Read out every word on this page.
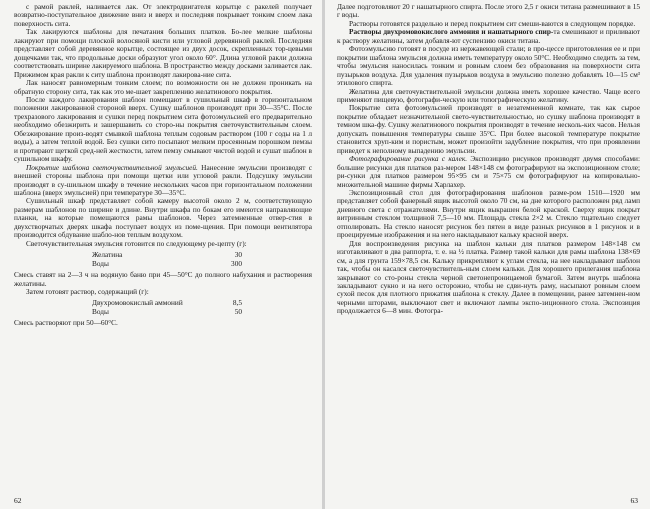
с рамой раклей, наливается лак. От электродвигателя корытце с ракелей получает возвратно-поступательное движение вниз и вверх и последняя покрывает тонким слоем лака поверхность сита.

Так лакируются шаблоны для печатания больших платков. Бо-лее мелкие шаблоны лакируют при помощи плоской волосяной кисти или угловой деревянной раклей. Последняя представляет собой деревянное корытце, состоящее из двух досок, скрепленных тор-цевыми дощечками так, что продольные доски образуют угол около 60°. Длина угловой ракли должна соответствовать ширине лакируемого шаблона. В пространство между досками заливается лак. Прижимом края ракли к ситу шаблона производят лакирова-ние сита.

Лак наносят равномерным тонким слоем; по возможности он не должен проникать на обратную сторону сита, так как это ме-шает закреплению желатинового покрытия.

После каждого лакирования шаблон помещают в сушильный шкаф в горизонтальном положении лакированной стороной вверх. Сушку шаблонов производят при 30—35°С. После трехразового лакирования и сушки перед покрытием сита фотоэмульсией его предварительно необходимо обезжирить и зашершавить со сторо-ны покрытия светочувствительным слоем. Обезжирование произ-водят смывкой шаблона теплым содовым раствором (100 г соды на 1 л воды), а затем теплой водой. Без сушки сито посыпают мелким просеянным порошком пемзы и протирают щеткой сред-ней жесткости, затем пемзу смывают чистой водой и сушат шаблон в сушильном шкафу.

Покрытие шаблона светочувствительной эмульсией. Нанесение эмульсии производят с внешней стороны шаблона при помощи щетки или угловой ракли. Подсушку эмульсии производят в су-шильном шкафу в течение нескольких часов при горизонтальном положении шаблона (вверх эмульсией) при температуре 30—35°С.

Сушильный шкаф представляет собой камеру высотой около 2 м, соответствующую размерам шаблонов по ширине и длине. Внутри шкафа по бокам его имеются направляющие планки, на которые помещаются рамы шаблонов. Через затемненные отвер-стия в двухстворчатых дверях шкафа поступает воздух из поме-щения. При помощи вентилятора производится обдувание шабло-нов теплым воздухом.

Светочувствительная эмульсия готовится по следующему ре-цепту (г):

Желатина	30
Воды	300

Смесь ставят на 2—3 ч на водяную баню при 45—50°С до полного набухания и растворения желатины.

Затем готовят раствор, содержащий (г):

Двухромовокислый аммоний	8,5
Воды	50

Смесь растворяют при 50—60°С.

62

Далее подготовляют 20 г нашатырного спирта. После этого 2,5 г окиси титана размешивают в 15 г воды.

Растворы готовятся раздельно и перед покрытием сит смеши-ваются в следующем порядке.

Растворы двухромовокислого аммония и нашатырного спир-та смешивают и приливают к раствору желатины, затем добавля-ют суспензию окиси титана.

Фотоэмульсию готовят в посуде из нержавеющей стали; в про-цессе приготовления ее и при покрытии шаблона эмульсия должна иметь температуру около 50°С. Необходимо следить за тем, чтобы эмульсия наносилась тонким и ровным слоем без образования на поверхности сита пузырьков воздуха. Для удаления пузырьков воздуха в эмульсию полезно добавлять 10—15 см³ этилового спирта.

Желатина для светочувствительной эмульсии должна иметь хорошее качество. Чаще всего применяют пищевую, фотографи-ческую или топографическую желатину.

Покрытие сита фотоэмульсией производят в незатемненной комнате, так как сырое покрытие обладает незначительной свето-чувствительностью, но сушку шаблона производят в темном шка-фу. Сушку желатинового покрытия производят в течение несколь-ких часов. Нельзя допускать повышения температуры свыше 35°С. При более высокой температуре покрытие становится хруп-ким и пористым, может произойти задубление покрытия, что при проявлении приведет к неполному выпадению эмульсии.

Фотографирование рисунка с калек. Экспозицию рисунков производят двумя способами: большие рисунки для платков раз-мером 148×148 см фотографируют на экспозиционном столе; ри-сунки для платков размером 95×95 см и 75×75 см фотографируют на копировально-множительной машине фирмы Харлахер.

Экспозиционный стол для фотографирования шаблонов разме-ром 1510—1920 мм представляет собой фанерный ящик высотой около 70 см, на дне которого расположен ряд ламп дневного света с отражателями. Внутри ящик выкрашен белой краской. Сверху ящик покрыт витринным стеклом толщиной 7,5—10 мм. Площадь стекла 2×2 м. Стекло тщательно следует отполировать. На стекло наносят рисунок без пятен в виде разных рисунков в 1 рисунок и в проецируемые изображения и на него накладывают кальку красной вверх.

Для воспроизведения рисунка на шаблон кальки для платков размером 148×148 см изготавливают в два раппорта, т. е. на ½ платка. Размер такой кальки для рамы шаблона 138×69 см, а для грунта 159×78,5 см. Кальку прикрепляют к углам стекла, на нее накладывают шаблон так, чтобы он касался светочувствитель-ным слоем кальки. Для хорошего прилегания шаблона закрывают со сто-роны стекла черной светонепроницаемой бумагой. Затем внутрь шаблона закладывают сукно и на него осторожно, чтобы не сдви-нуть раму, насыпают ровным слоем сухой песок для плотного прижатия шаблона к стеклу. Далее в помещении, ранее затемнен-ном черными шторами, выключают свет и включают лампы экспо-зиционного стола. Экспозиция продолжается 6—8 мин. Фотогра-

63
